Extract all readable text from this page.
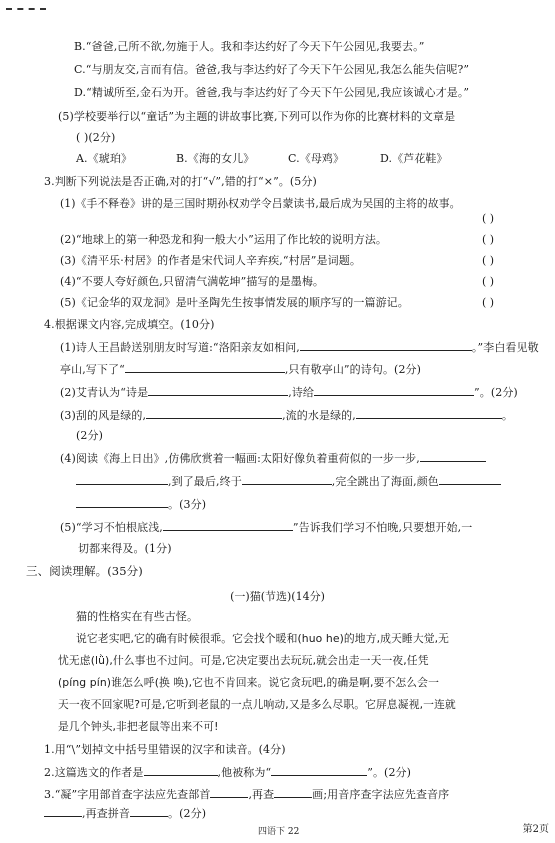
B.“爸爸,己所不欲,勿施于人。我和李达约好了今天下午公园见,我要去。”
C.“与朋友交,言而有信。爸爸,我与李达约好了今天下午公园见,我怎么能失信呢?”
D.“精诚所至,金石为开。爸爸,我与李达约好了今天下午公园见,我应该诚心才是。”
(5)学校要举行以“童话”为主题的讲故事比赛,下列可以作为你的比赛材料的文章是
( )(2分)
A.《琥珀》	B.《海的女儿》	C.《母鸡》	D.《芦花鞋》
3.判断下列说法是否正确,对的打“√”,错的打“×”。(5分)
(1)《手不释卷》讲的是三国时期孙权劝学令吕蒙读书,最后成为吴国的主将的故事。
( )
(2)“地球上的第一种恐龙和狗一般大小”运用了作比较的说明方法。	( )
(3)《清平乐·村居》的作者是宋代词人辛弃疾,“村居”是词题。	( )
(4)“不要人夸好颜色,只留清气满乾坤”描写的是墨梅。	( )
(5)《记金华的双龙洞》是叶圣陶先生按事情发展的顺序写的一篇游记。	( )
4.根据课文内容,完成填空。(10分)
(1)诗人王昌龄送别朋友时写道:“洛阳亲友如相问,	。”李白看见敬
亭山,写下了“	,只有敬亭山”的诗句。(2分)
(2)艾青认为“诗是	,诗给	”。(2分)
(3)刮的风是绿的,	,流的水是绿的,	。
(2分)
(4)阅读《海上日出》,仿佛欣赏着一幅画:太阳好像负着重荷似的一步一步,
,到了最后,终于	,完全跳出了海面,颜色
。(3分)
(5)“学习不怕根底浅,	”告诉我们学习不怕晚,只要想开始,一
切都来得及。(1分)
三、阅读理解。(35分)
(一)猫(节选)(14分)
猫的性格实在有些古怪。
说它老实吧,它的确有时候很乖。它会找个暖和(huo he)的地方,成天睡大觉,无
忧无虑(lǜ),什么事也不过问。可是,它决定要出去玩玩,就会出走一天一夜,任凭
(píng pín)谁怎么呼(换 唤),它也不肯回来。说它贪玩吧,的确是啊,要不怎么会一
天一夜不回家呢?可是,它听到老鼠的一点儿响动,又是多么尽职。它屏息凝视,一连就
是几个钟头,非把老鼠等出来不可!
1.用“\”划掉文中括号里错误的汉字和读音。(4分)
2.这篇选文的作者是	,他被称为“	”。(2分)
3.“凝”字用部首查字法应先查部首	,再查	画;用音序查字法应先查音序
,再查拼音	。(2分)
四语下 22	第2页
